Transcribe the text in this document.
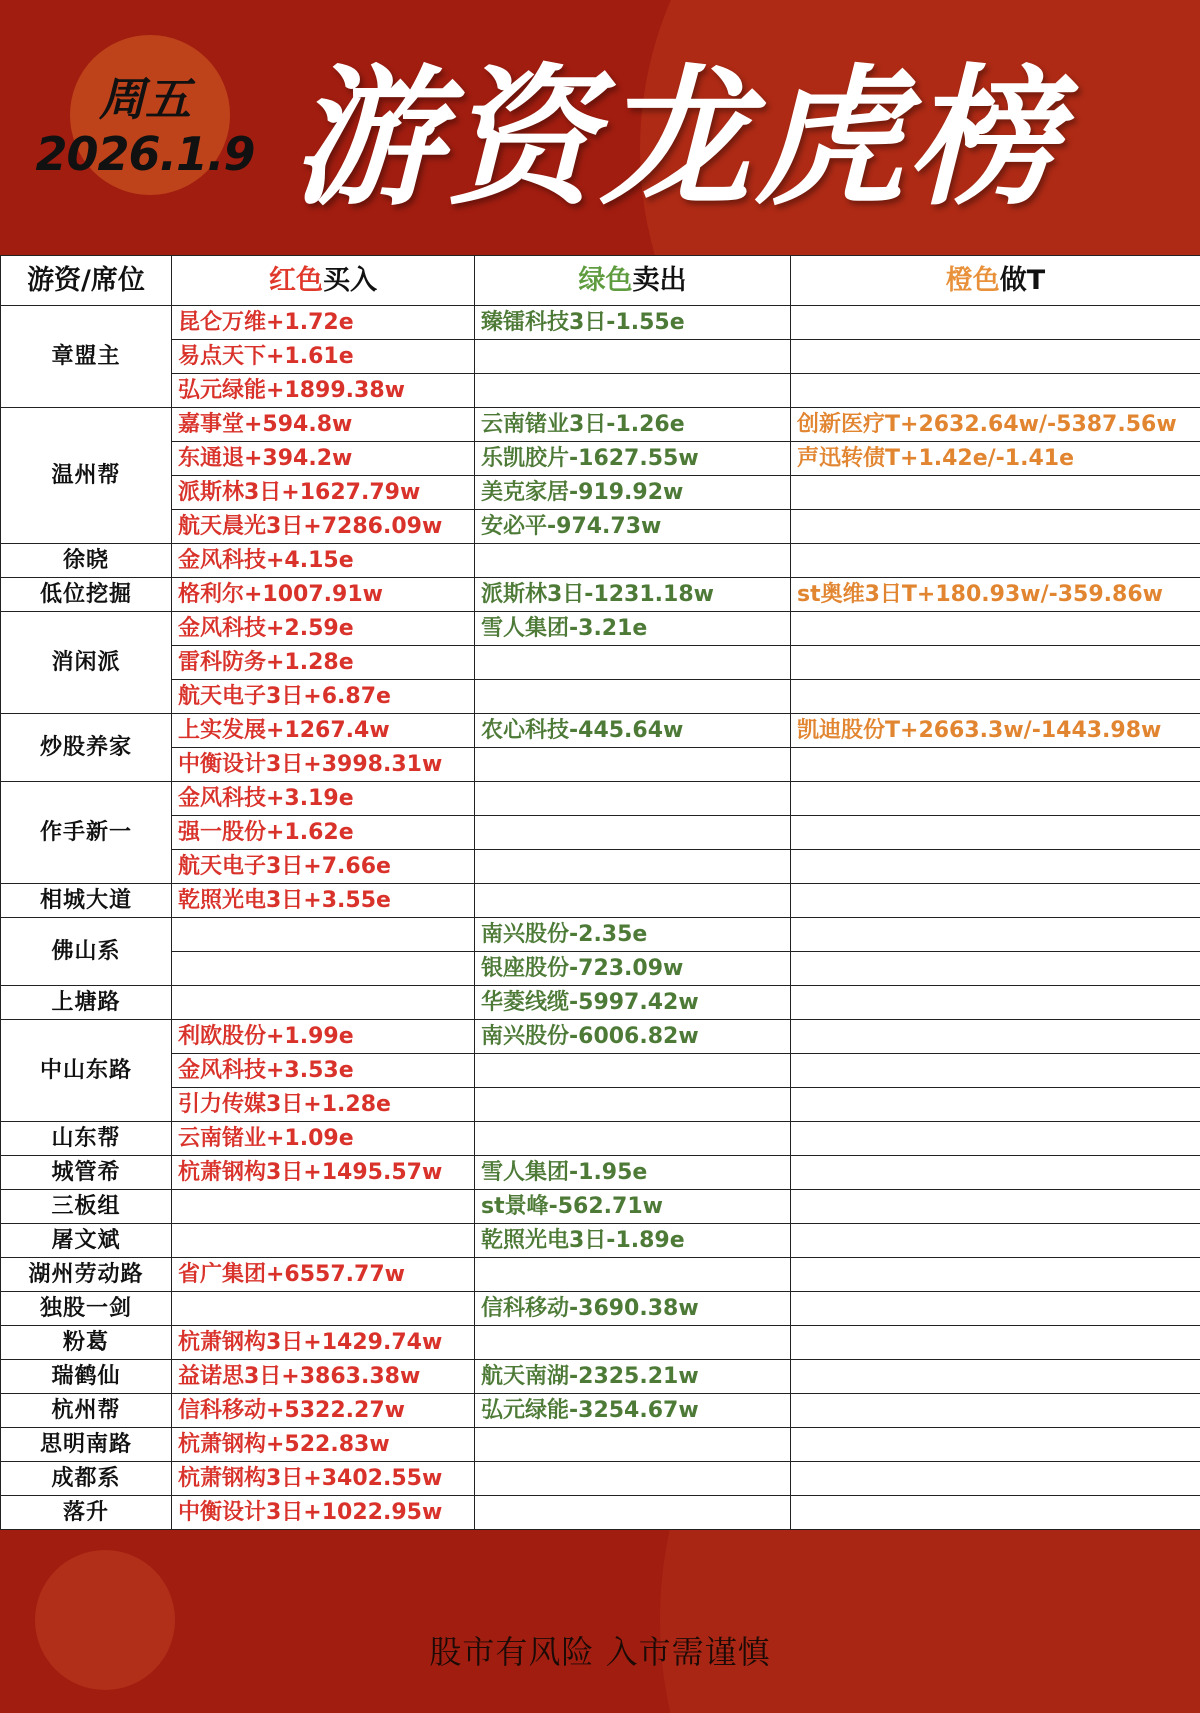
周五
2026.1.9 游资龙虎榜
游资/席位	红色买入	绿色卖出	橙色做T
章盟主	昆仑万维+1.72e	臻镭科技3日-1.55e	
	易点天下+1.61e		
	弘元绿能+1899.38w		
温州帮	嘉事堂+594.8w	云南锗业3日-1.26e	创新医疗T+2632.64w/-5387.56w
	东通退+394.2w	乐凯胶片-1627.55w	声迅转债T+1.42e/-1.41e
	派斯林3日+1627.79w	美克家居-919.92w	
	航天晨光3日+7286.09w	安必平-974.73w	
徐晓	金风科技+4.15e		
低位挖掘	格利尔+1007.91w	派斯林3日-1231.18w	st奥维3日T+180.93w/-359.86w
消闲派	金风科技+2.59e	雪人集团-3.21e	
	雷科防务+1.28e		
	航天电子3日+6.87e		
炒股养家	上实发展+1267.4w	农心科技-445.64w	凯迪股份T+2663.3w/-1443.98w
	中衡设计3日+3998.31w		
作手新一	金风科技+3.19e		
	强一股份+1.62e		
	航天电子3日+7.66e		
相城大道	乾照光电3日+3.55e		
佛山系		南兴股份-2.35e	
		银座股份-723.09w	
上塘路		华菱线缆-5997.42w	
中山东路	利欧股份+1.99e	南兴股份-6006.82w	
	金风科技+3.53e		
	引力传媒3日+1.28e		
山东帮	云南锗业+1.09e		
城管希	杭萧钢构3日+1495.57w	雪人集团-1.95e	
三板组		st景峰-562.71w	
屠文斌		乾照光电3日-1.89e	
湖州劳动路	省广集团+6557.77w		
独股一剑		信科移动-3690.38w	
粉葛	杭萧钢构3日+1429.74w		
瑞鹤仙	益诺思3日+3863.38w	航天南湖-2325.21w	
杭州帮	信科移动+5322.27w	弘元绿能-3254.67w	
思明南路	杭萧钢构+522.83w		
成都系	杭萧钢构3日+3402.55w		
落升	中衡设计3日+1022.95w		
股市有风险 入市需谨慎
